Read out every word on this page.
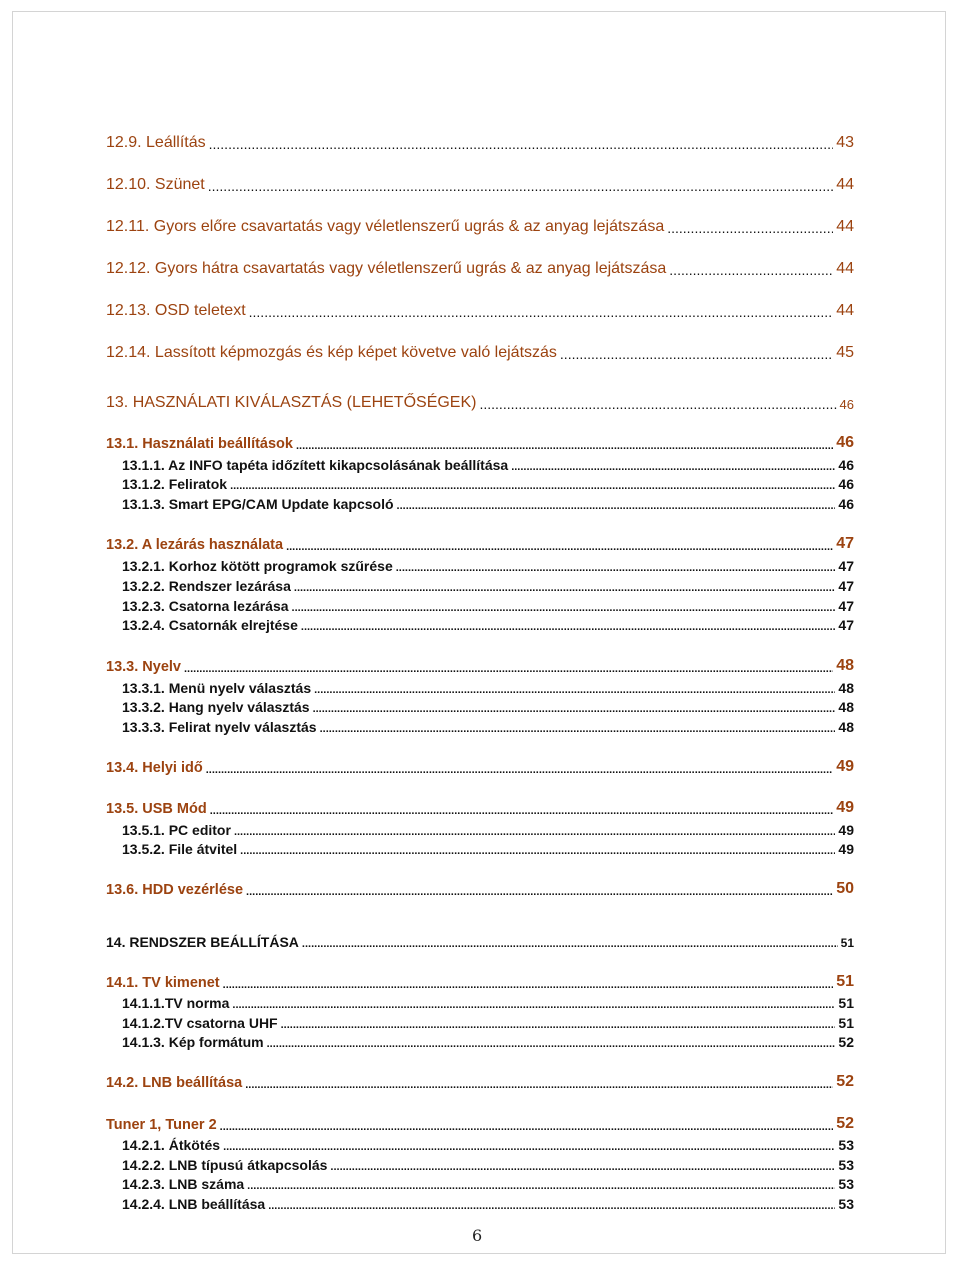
12.9. Leállítás .....	43
12.10. Szünet .....	44
12.11. Gyors előre csavartatás vagy véletlenszerű ugrás & az anyag lejátszása .....	44
12.12. Gyors hátra csavartatás vagy véletlenszerű ugrás & az anyag lejátszása .....	44
12.13. OSD teletext .....	44
12.14. Lassított képmozgás és kép képet követve való lejátszás .....	45
13. HASZNÁLATI KIVÁLASZTÁS (LEHETŐSÉGEK) .....	46
13.1. Használati beállítások .....	46
13.1.1. Az INFO tapéta időzített kikapcsolásának beállítása .....	46
13.1.2. Feliratok .....	46
13.1.3. Smart EPG/CAM Update kapcsoló .....	46
13.2. A lezárás használata .....	47
13.2.1. Korhoz kötött programok szűrése .....	47
13.2.2. Rendszer lezárása .....	47
13.2.3. Csatorna lezárása .....	47
13.2.4. Csatornák elrejtése .....	47
13.3. Nyelv .....	48
13.3.1. Menü nyelv választás .....	48
13.3.2. Hang nyelv választás .....	48
13.3.3. Felirat nyelv választás .....	48
13.4. Helyi idő .....	49
13.5. USB Mód .....	49
13.5.1. PC editor .....	49
13.5.2. File átvitel .....	49
13.6. HDD vezérlése .....	50
14. RENDSZER BEÁLLÍTÁSA .....	51
14.1. TV kimenet .....	51
14.1.1.TV norma .....	51
14.1.2.TV csatorna UHF .....	51
14.1.3. Kép formátum .....	52
14.2. LNB beállítása .....	52
Tuner 1, Tuner 2 .....	52
14.2.1. Átkötés .....	53
14.2.2. LNB típusú átkapcsolás .....	53
14.2.3. LNB száma .....	53
14.2.4. LNB beállítása .....	53
6
